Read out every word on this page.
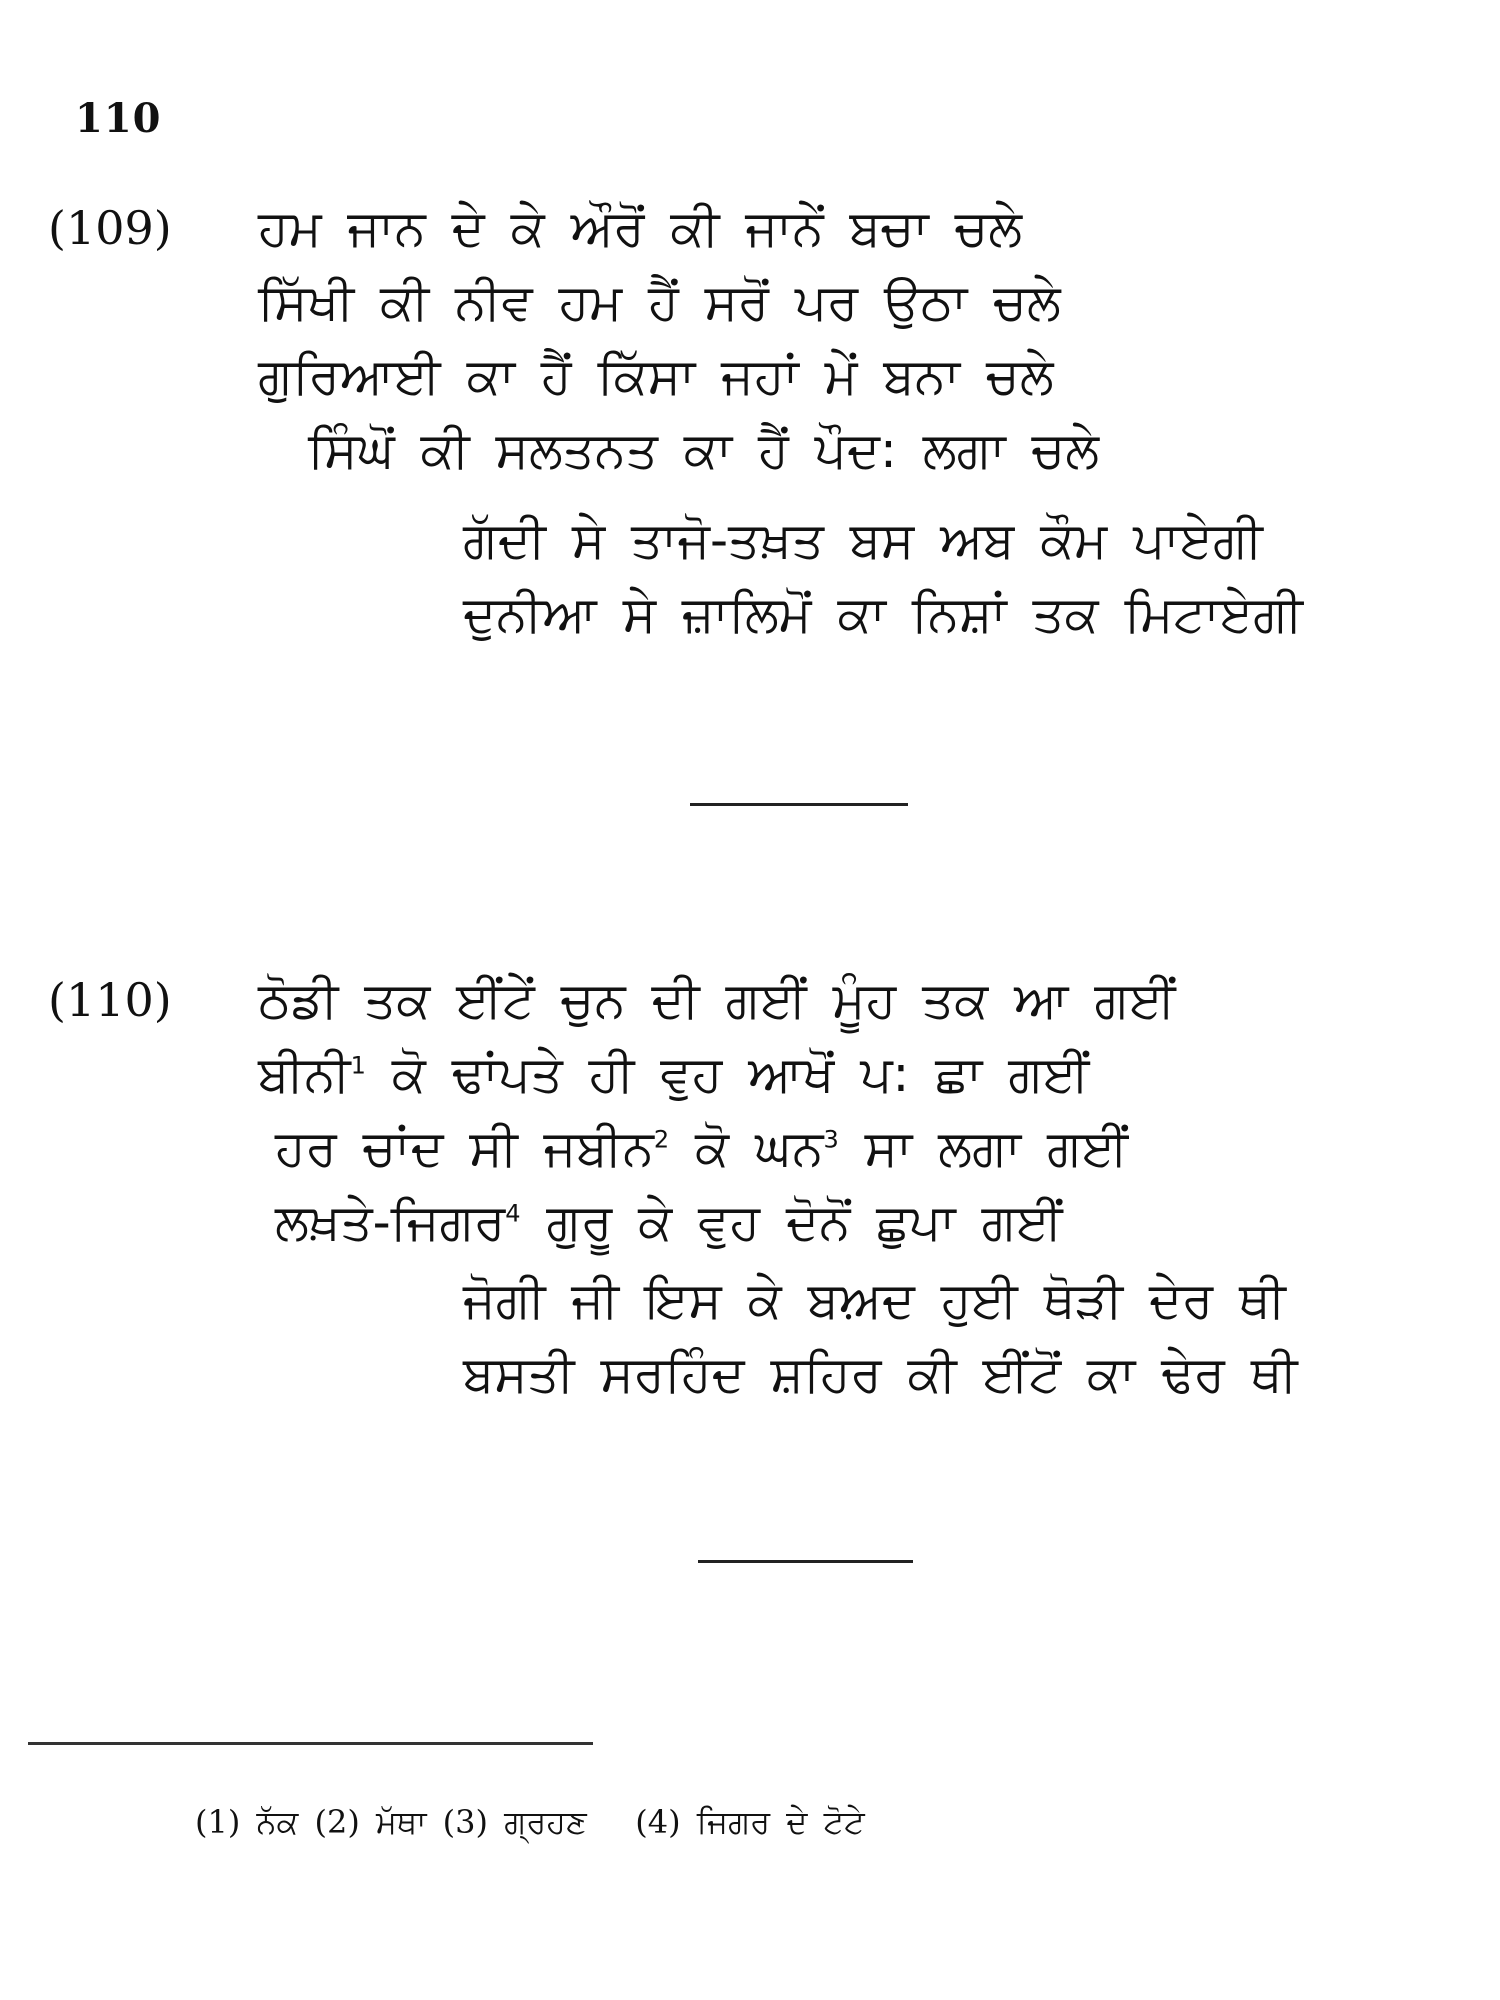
110
(109) ਹਮ ਜਾਨ ਦੇ ਕੇ ਔਰੋਂ ਕੀ ਜਾਨੇਂ ਬਚਾ ਚਲੇ
ਸਿੱਖੀ ਕੀ ਨੀਵ ਹਮ ਹੈਂ ਸਰੋਂ ਪਰ ਉਠਾ ਚਲੇ
ਗੁਰਿਆਈ ਕਾ ਹੈਂ ਕਿੱਸਾ ਜਹਾਂ ਮੇਂ ਬਨਾ ਚਲੇ
ਸਿੰਘੋਂ ਕੀ ਸਲਤਨਤ ਕਾ ਹੈਂ ਪੌਦ: ਲਗਾ ਚਲੇ
ਗੱਦੀ ਸੇ ਤਾਜੋ-ਤਖ਼ਤ ਬਸ ਅਬ ਕੌਮ ਪਾਏਗੀ
ਦੁਨੀਆ ਸੇ ਜ਼ਾਲਿਮੋਂ ਕਾ ਨਿਸ਼ਾਂ ਤਕ ਮਿਟਾਏਗੀ
(110) ਠੋਡੀ ਤਕ ਈਂਟੇਂ ਚੁਨ ਦੀ ਗਈਂ ਮੂੰਹ ਤਕ ਆ ਗਈਂ
ਬੀਨੀ$^1$ ਕੋ ਢਾਂਪਤੇ ਹੀ ਵੁਹ ਆਖੋਂ ਪ: ਛਾ ਗਈਂ
ਹਰ ਚਾਂਦ ਸੀ ਜਬੀਨ$^2$ ਕੋ ਘਨ$^3$ ਸਾ ਲਗਾ ਗਈਂ
ਲਖ਼ਤੇ-ਜਿਗਰ$^4$ ਗੁਰੂ ਕੇ ਵੁਹ ਦੋਨੋਂ ਛੁਪਾ ਗਈਂ
ਜੋਗੀ ਜੀ ਇਸ ਕੇ ਬਅ਼ਦ ਹੁਈ ਥੋੜੀ ਦੇਰ ਥੀ
ਬਸਤੀ ਸਰਹਿੰਦ ਸ਼ਹਿਰ ਕੀ ਈਂਟੋਂ ਕਾ ਢੇਰ ਥੀ
(1) ਨੱਕ (2) ਮੱਥਾ (3) ਗ੍ਰਹਣ (4) ਜਿਗਰ ਦੇ ਟੋਟੇ
